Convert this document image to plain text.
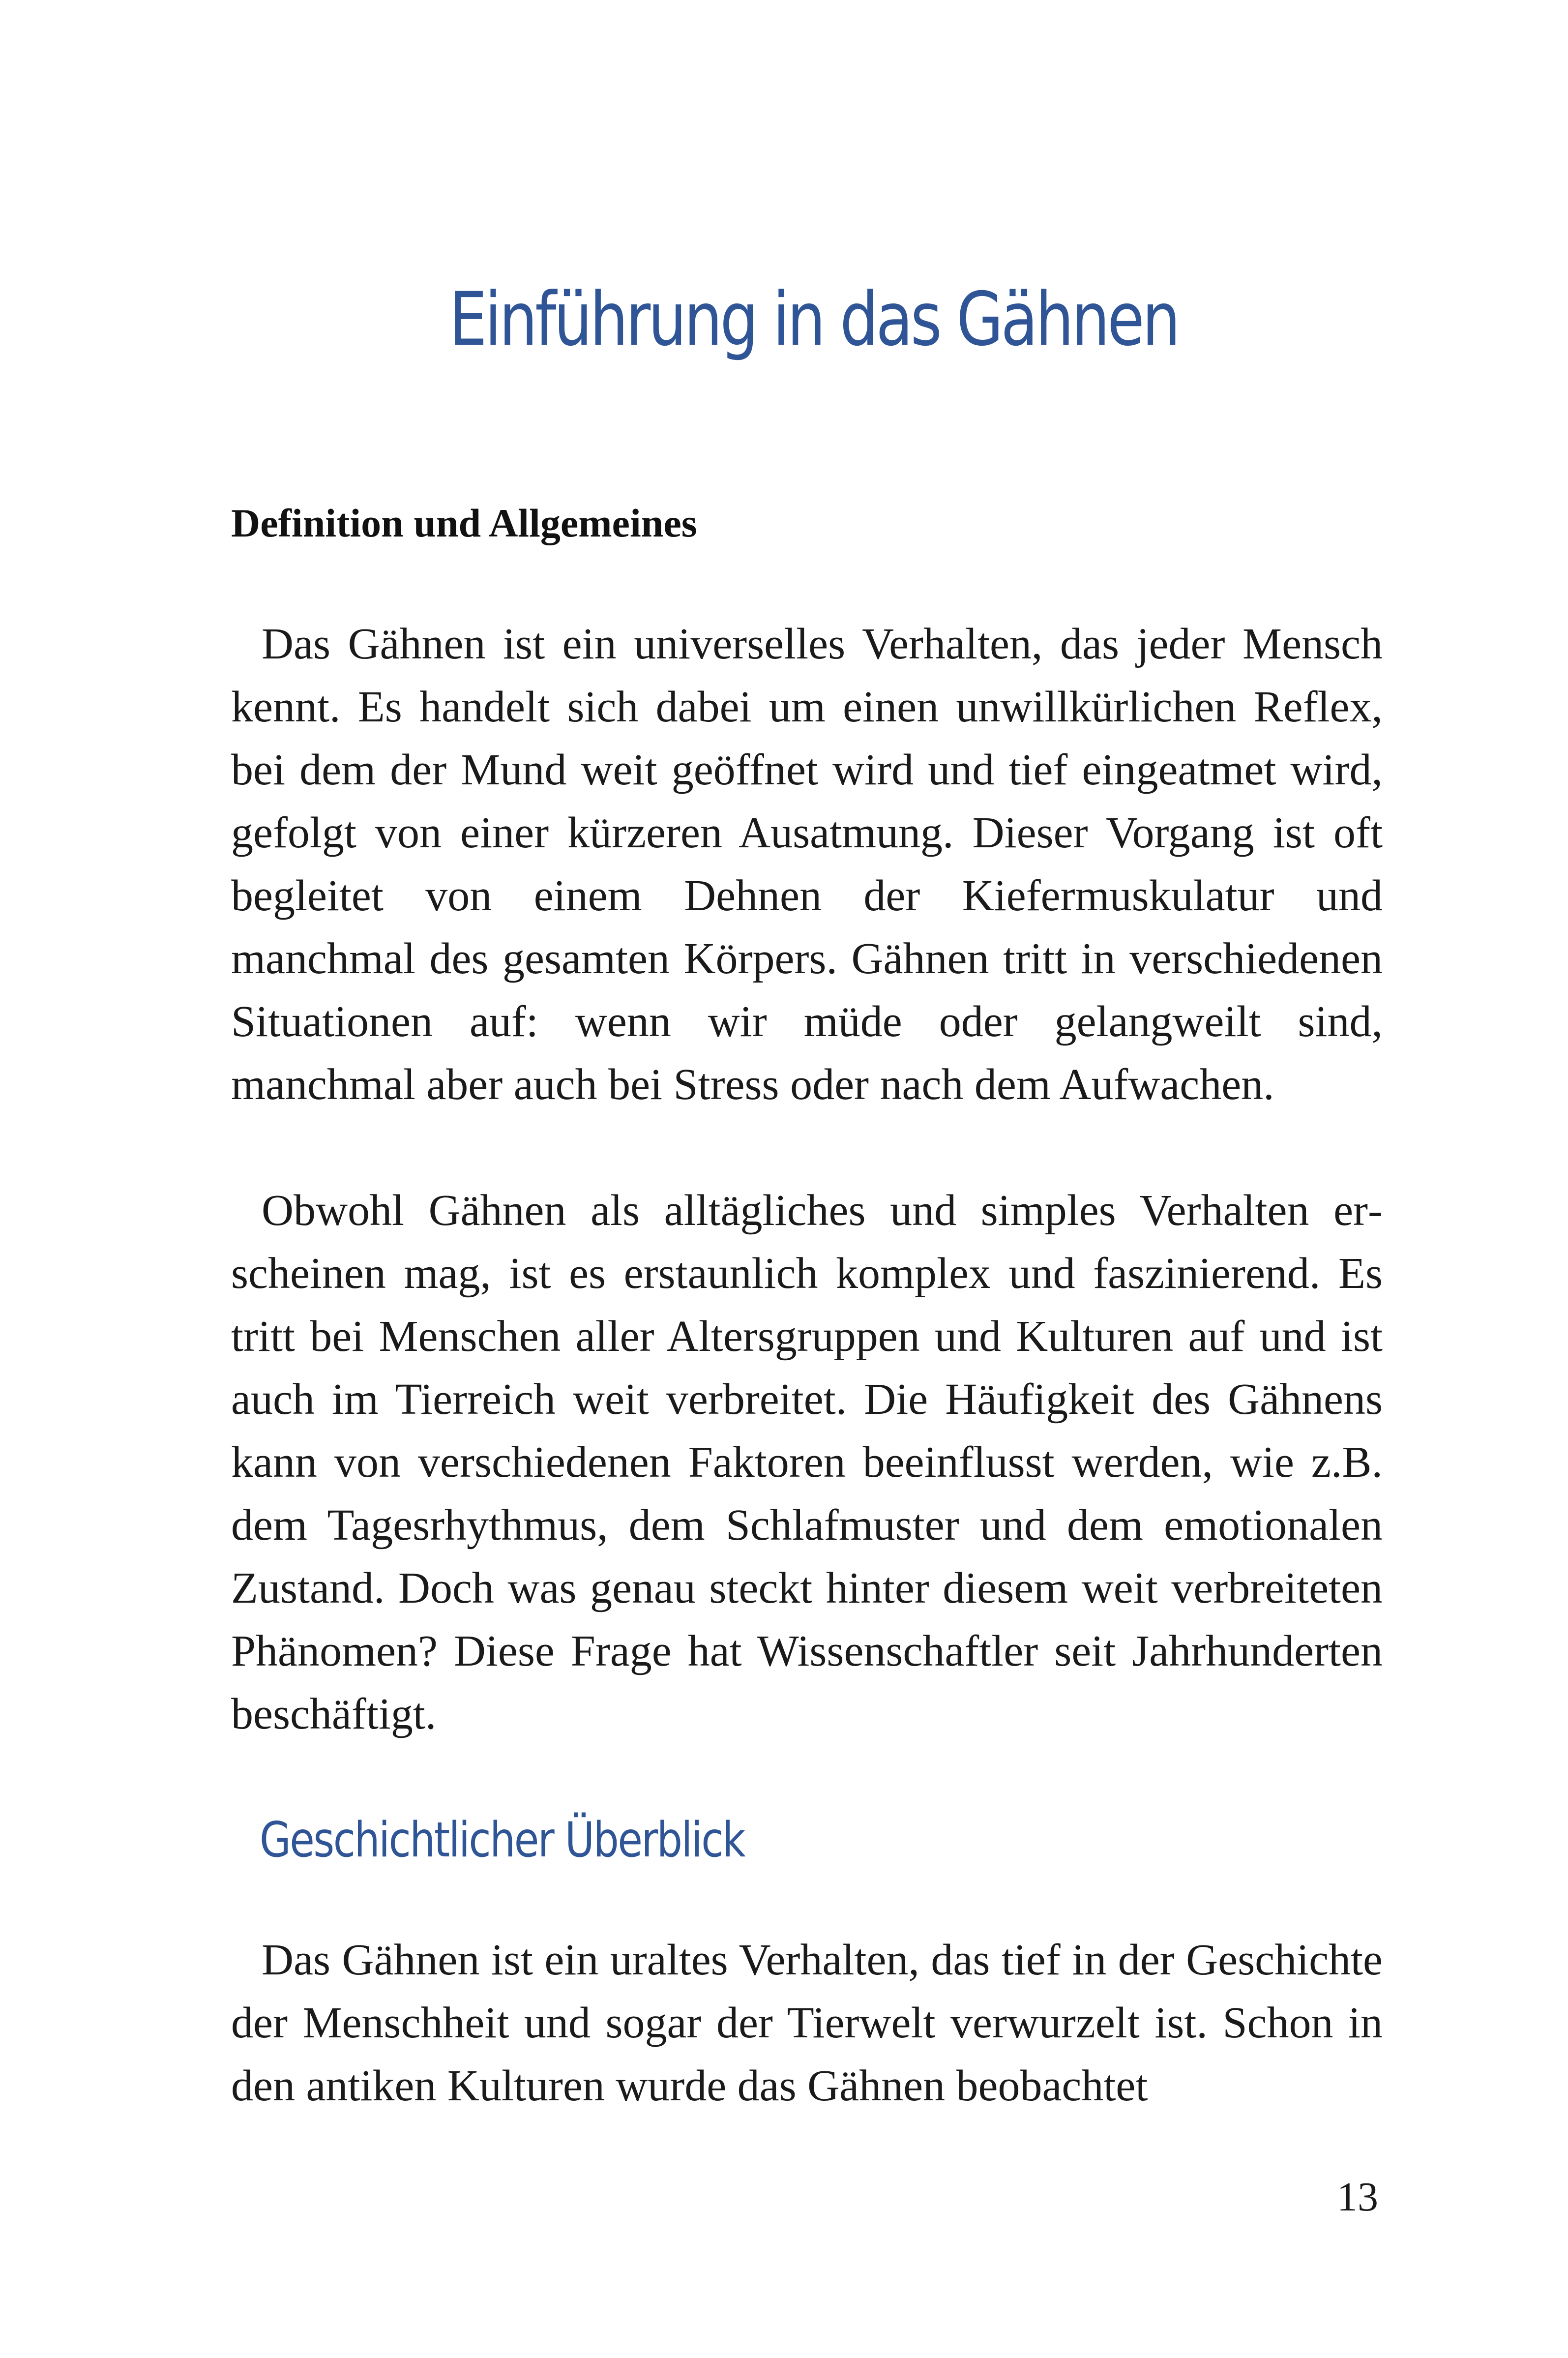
Einführung in das Gähnen
Definition und Allgemeines

Das Gähnen ist ein universelles Verhalten, das jeder Mensch kennt. Es handelt sich dabei um einen unwillkürlichen Reflex, bei dem der Mund weit geöffnet wird und tief eingeatmet wird, gefolgt von einer kürzeren Ausatmung. Dieser Vorgang ist oft begleitet von einem Dehnen der Kiefermuskulatur und manchmal des gesamten Körpers. Gähnen tritt in verschiedenen Situationen auf: wenn wir müde oder gelangweilt sind, manchmal aber auch bei Stress oder nach dem Aufwachen.

Obwohl Gähnen als alltägliches und simples Verhalten erscheinen mag, ist es erstaunlich komplex und faszinierend. Es tritt bei Menschen aller Altersgruppen und Kulturen auf und ist auch im Tierreich weit verbreitet. Die Häufigkeit des Gähnens kann von verschiedenen Faktoren beeinflusst werden, wie z.B. dem Tagesrhythmus, dem Schlafmuster und dem emotionalen Zustand. Doch was genau steckt hinter diesem weit verbreiteten Phänomen? Diese Frage hat Wissenschaftler seit Jahrhunderten beschäftigt.

Geschichtlicher Überblick

Das Gähnen ist ein uraltes Verhalten, das tief in der Geschichte der Menschheit und sogar der Tierwelt verwurzelt ist. Schon in den antiken Kulturen wurde das Gähnen beobachtet

13
